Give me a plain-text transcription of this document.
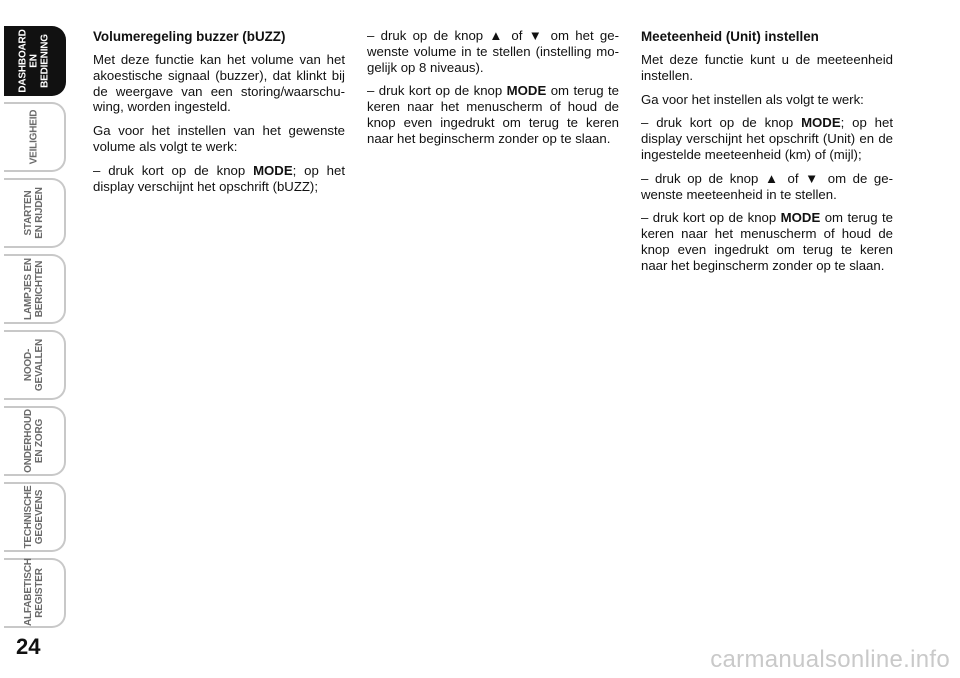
DASHBOARD
EN BEDIENING
VEILIGHEID
STARTEN
EN RIJDEN
LAMPJES EN
BERICHTEN
NOOD-
GEVALLEN
ONDERHOUD
EN ZORG
TECHNISCHE
GEGEVENS
ALFABETISCH
REGISTER
24
Volumeregeling buzzer (bUZZ)

Met deze functie kan het volume van het akoestische signaal (buzzer), dat klinkt bij de weergave van een storing/waarschu-wing, worden ingesteld.

Ga voor het instellen van het gewenste volume als volgt te werk:

– druk kort op de knop MODE; op het display verschijnt het opschrift (bUZZ);

– druk op de knop ▲ of ▼ om het ge-wenste volume in te stellen (instelling mo-gelijk op 8 niveaus).

– druk kort op de knop MODE om terug te keren naar het menuscherm of houd de knop even ingedrukt om terug te keren naar het beginscherm zonder op te slaan.

Meeteenheid (Unit) instellen

Met deze functie kunt u de meeteenheid instellen.

Ga voor het instellen als volgt te werk:

– druk kort op de knop MODE; op het display verschijnt het opschrift (Unit) en de ingestelde meeteenheid (km) of (mijl);

– druk op de knop ▲ of ▼ om de ge-wenste meeteenheid in te stellen.

– druk kort op de knop MODE om terug te keren naar het menuscherm of houd de knop even ingedrukt om terug te keren naar het beginscherm zonder op te slaan.

carmanualsonline.info
